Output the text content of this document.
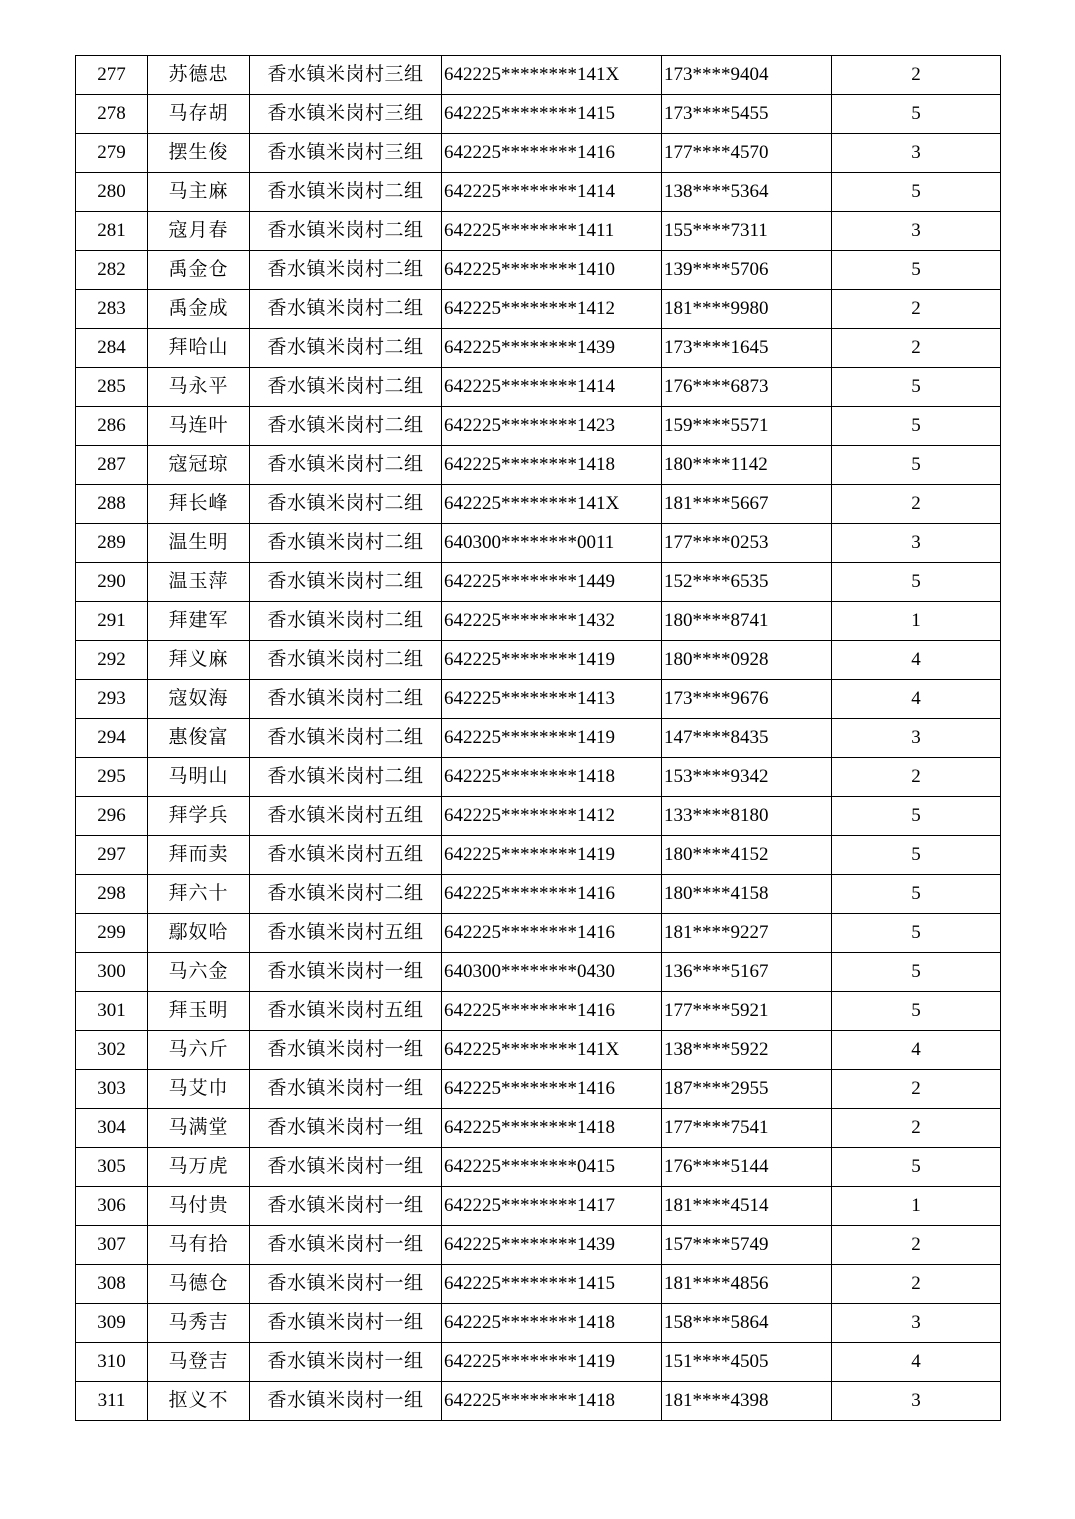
277	苏德忠	香水镇米岗村三组	642225********141X	173****9404	2
278	马存胡	香水镇米岗村三组	642225********1415	173****5455	5
279	摆生俊	香水镇米岗村三组	642225********1416	177****4570	3
280	马主麻	香水镇米岗村二组	642225********1414	138****5364	5
281	寇月春	香水镇米岗村二组	642225********1411	155****7311	3
282	禹金仓	香水镇米岗村二组	642225********1410	139****5706	5
283	禹金成	香水镇米岗村二组	642225********1412	181****9980	2
284	拜哈山	香水镇米岗村二组	642225********1439	173****1645	2
285	马永平	香水镇米岗村二组	642225********1414	176****6873	5
286	马连叶	香水镇米岗村二组	642225********1423	159****5571	5
287	寇冠琼	香水镇米岗村二组	642225********1418	180****1142	5
288	拜长峰	香水镇米岗村二组	642225********141X	181****5667	2
289	温生明	香水镇米岗村二组	640300********0011	177****0253	3
290	温玉萍	香水镇米岗村二组	642225********1449	152****6535	5
291	拜建军	香水镇米岗村二组	642225********1432	180****8741	1
292	拜义麻	香水镇米岗村二组	642225********1419	180****0928	4
293	寇奴海	香水镇米岗村二组	642225********1413	173****9676	4
294	惠俊富	香水镇米岗村二组	642225********1419	147****8435	3
295	马明山	香水镇米岗村二组	642225********1418	153****9342	2
296	拜学兵	香水镇米岗村五组	642225********1412	133****8180	5
297	拜而卖	香水镇米岗村五组	642225********1419	180****4152	5
298	拜六十	香水镇米岗村二组	642225********1416	180****4158	5
299	鄢奴哈	香水镇米岗村五组	642225********1416	181****9227	5
300	马六金	香水镇米岗村一组	640300********0430	136****5167	5
301	拜玉明	香水镇米岗村五组	642225********1416	177****5921	5
302	马六斤	香水镇米岗村一组	642225********141X	138****5922	4
303	马艾巾	香水镇米岗村一组	642225********1416	187****2955	2
304	马满堂	香水镇米岗村一组	642225********1418	177****7541	2
305	马万虎	香水镇米岗村一组	642225********0415	176****5144	5
306	马付贵	香水镇米岗村一组	642225********1417	181****4514	1
307	马有拾	香水镇米岗村一组	642225********1439	157****5749	2
308	马德仓	香水镇米岗村一组	642225********1415	181****4856	2
309	马秀吉	香水镇米岗村一组	642225********1418	158****5864	3
310	马登吉	香水镇米岗村一组	642225********1419	151****4505	4
311	抠义不	香水镇米岗村一组	642225********1418	181****4398	3
